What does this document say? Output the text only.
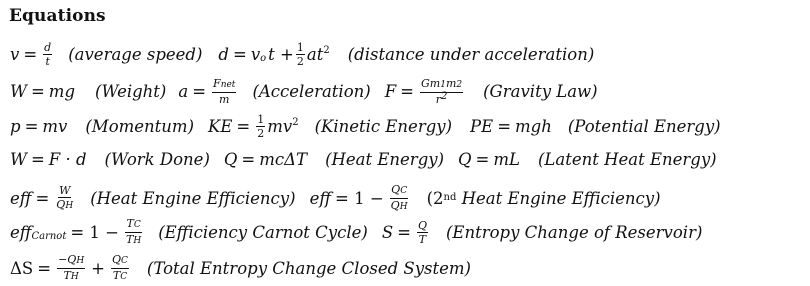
Equations
$v = \frac{d}{t}$ (average speed) $d = v_o$ $t + \frac{1}{2} at^2$ (distance under acceleration)
W = mg (Weight) $a = \frac{\text{Fnet}}{m}$ (Acceleration) $F = \frac{Gm1m2}{r^2}$ (Gravity Law)
p = mv (Momentum) KE = $\frac{1}{2} mv^2$ (Kinetic Energy) PE = mgh (Potential Energy)
W = F · d (Work Done) Q = mcΔT (Heat Energy) Q = mL (Latent Heat Energy)
eff = $\frac{W}{QH}$ (Heat Engine Efficiency) eff = $1 - \frac{QC}{QH} (2nd$ Heat Engine Efficiency)
$eff_{Carnot} = 1 - \frac{TC}{TH}$ (Efficiency Carnot Cycle) $S = \frac{Q}{T}$ (Entropy Change of Reservoir)
$\Delta S = \frac{-QH}{TH} + \frac{QC}{TC}$ (Total Entropy Change Closed System)
